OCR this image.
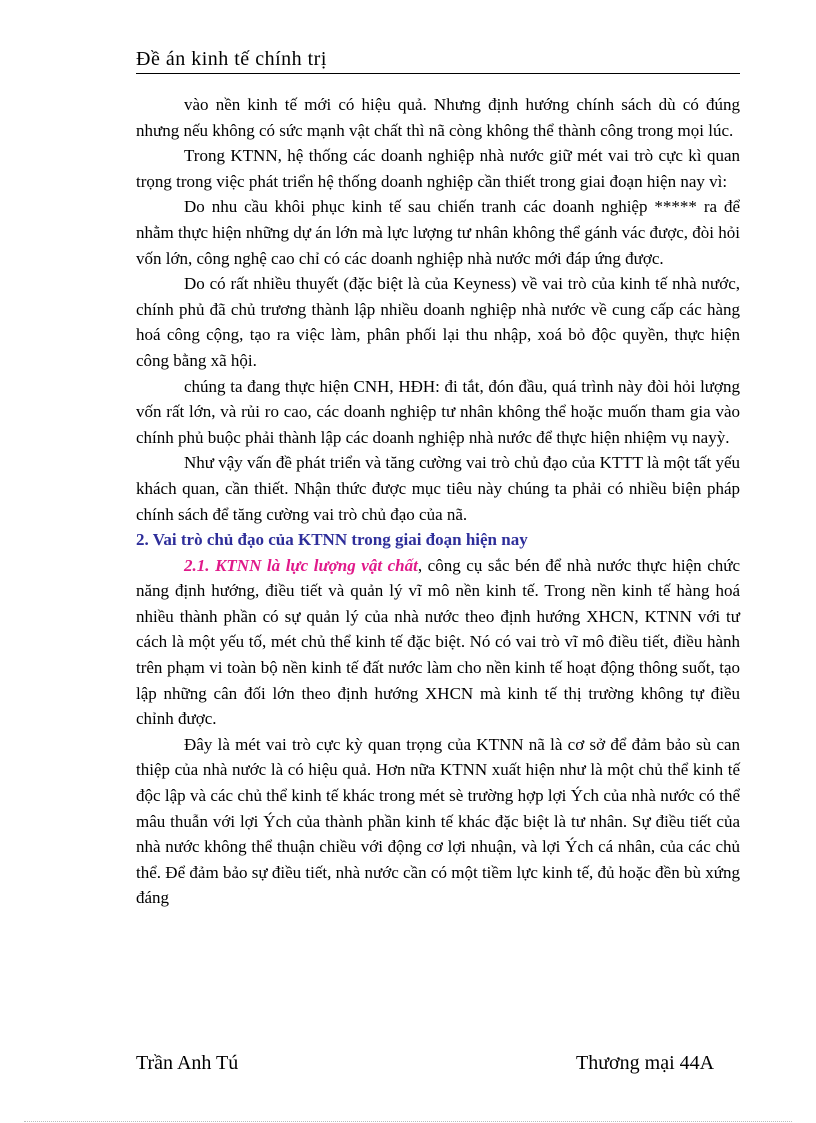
Đề án kinh tế chính trị

vào nền kinh tế mới có hiệu quả. Nhưng định hướng chính sách dù có đúng nhưng nếu không có sức mạnh vật chất thì nã còng không thể thành công trong mọi lúc.

Trong KTNN, hệ thống các doanh nghiệp nhà nước giữ mét vai trò cực kì quan trọng trong việc phát triển hệ thống doanh nghiệp cần thiết trong giai đoạn hiện nay vì:

Do nhu cầu khôi phục kinh tế sau chiến tranh các doanh nghiệp ***** ra để nhằm thực hiện những dự án lớn mà lực lượng tư nhân không thể gánh vác được, đòi hỏi vốn lớn, công nghệ cao chỉ có các doanh nghiệp nhà nước mới đáp ứng được.

Do có rất nhiều thuyết (đặc biệt là của Keyness) về vai trò của kinh tế nhà nước, chính phủ đã chủ trương thành lập nhiều doanh nghiệp nhà nước về cung cấp các hàng hoá công cộng, tạo ra việc làm, phân phối lại thu nhập, xoá bỏ độc quyền, thực hiện công bằng xã hội.

chúng ta đang thực hiện CNH, HĐH: đi tắt, đón đầu, quá trình này đòi hỏi lượng vốn rất lớn, và rủi ro cao, các doanh nghiệp tư nhân không thể hoặc muốn tham gia vào chính phủ buộc phải thành lập các doanh nghiệp nhà nước để thực hiện nhiệm vụ nayỳ.

Như vậy vấn đề phát triển và tăng cường vai trò chủ đạo của KTTT là một tất yếu khách quan, cần thiết. Nhận thức được mục tiêu này chúng ta phải có nhiều biện pháp chính sách để tăng cường vai trò chủ đạo của nã.

2. Vai trò chủ đạo của KTNN trong giai đoạn hiện nay

2.1. KTNN là lực lượng vật chất, công cụ sắc bén để nhà nước thực hiện chức năng định hướng, điều tiết và quản lý vĩ mô nền kinh tế. Trong nền kinh tế hàng hoá nhiều thành phần có sự quản lý của nhà nước theo định hướng XHCN, KTNN với tư cách là một yếu tố, mét chủ thể kinh tế đặc biệt. Nó có vai trò vĩ mô điều tiết, điều hành trên phạm vi toàn bộ nền kinh tế đất nước làm cho nền kinh tế hoạt động thông suốt, tạo lập những cân đối lớn theo định hướng XHCN mà kinh tế thị trường không tự điều chỉnh được.

Đây là mét vai trò cực kỳ quan trọng của KTNN nã là cơ sở để đảm bảo sù can thiệp của nhà nước là có hiệu quả. Hơn nữa KTNN xuất hiện như là một chủ thể kinh tế độc lập và các chủ thể kinh tế khác trong mét sè trường hợp lợi Ých của nhà nước có thể mâu thuẫn với lợi Ých của thành phần kinh tế khác đặc biệt là tư nhân. Sự điều tiết của nhà nước không thể thuận chiều với động cơ lợi nhuận, và lợi Ých cá nhân, của các chủ thể. Để đảm bảo sự điều tiết, nhà nước cần có một tiềm lực kinh tế, đủ hoặc đền bù xứng đáng

Trần Anh Tú	Thương mại 44A
